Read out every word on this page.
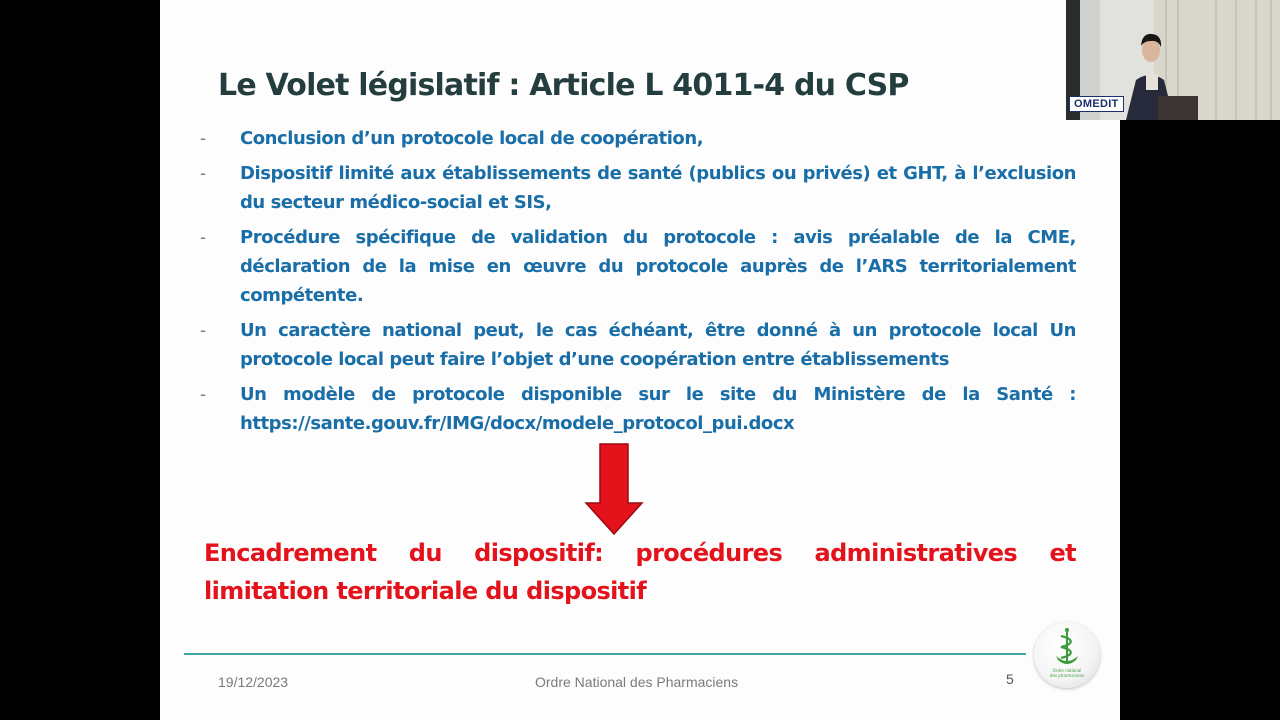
Le Volet législatif : Article L 4011-4 du CSP
-	Conclusion d’un protocole local de coopération,
-	Dispositif limité aux établissements de santé (publics ou privés) et GHT, à l’exclusion du secteur médico-social et SIS,
-	Procédure spécifique de validation du protocole : avis préalable de la CME, déclaration de la mise en œuvre du protocole auprès de l’ARS territorialement compétente.
-	Un caractère national peut, le cas échéant, être donné à un protocole local Un protocole local peut faire l’objet d’une coopération entre établissements
-	Un modèle de protocole disponible sur le site du Ministère de la Santé : https://sante.gouv.fr/IMG/docx/modele_protocol_pui.docx
Encadrement du dispositif: procédures administratives et limitation territoriale du dispositif
19/12/2023	Ordre National des Pharmaciens	5
Ordre national
des pharmaciens
OMEDIT
